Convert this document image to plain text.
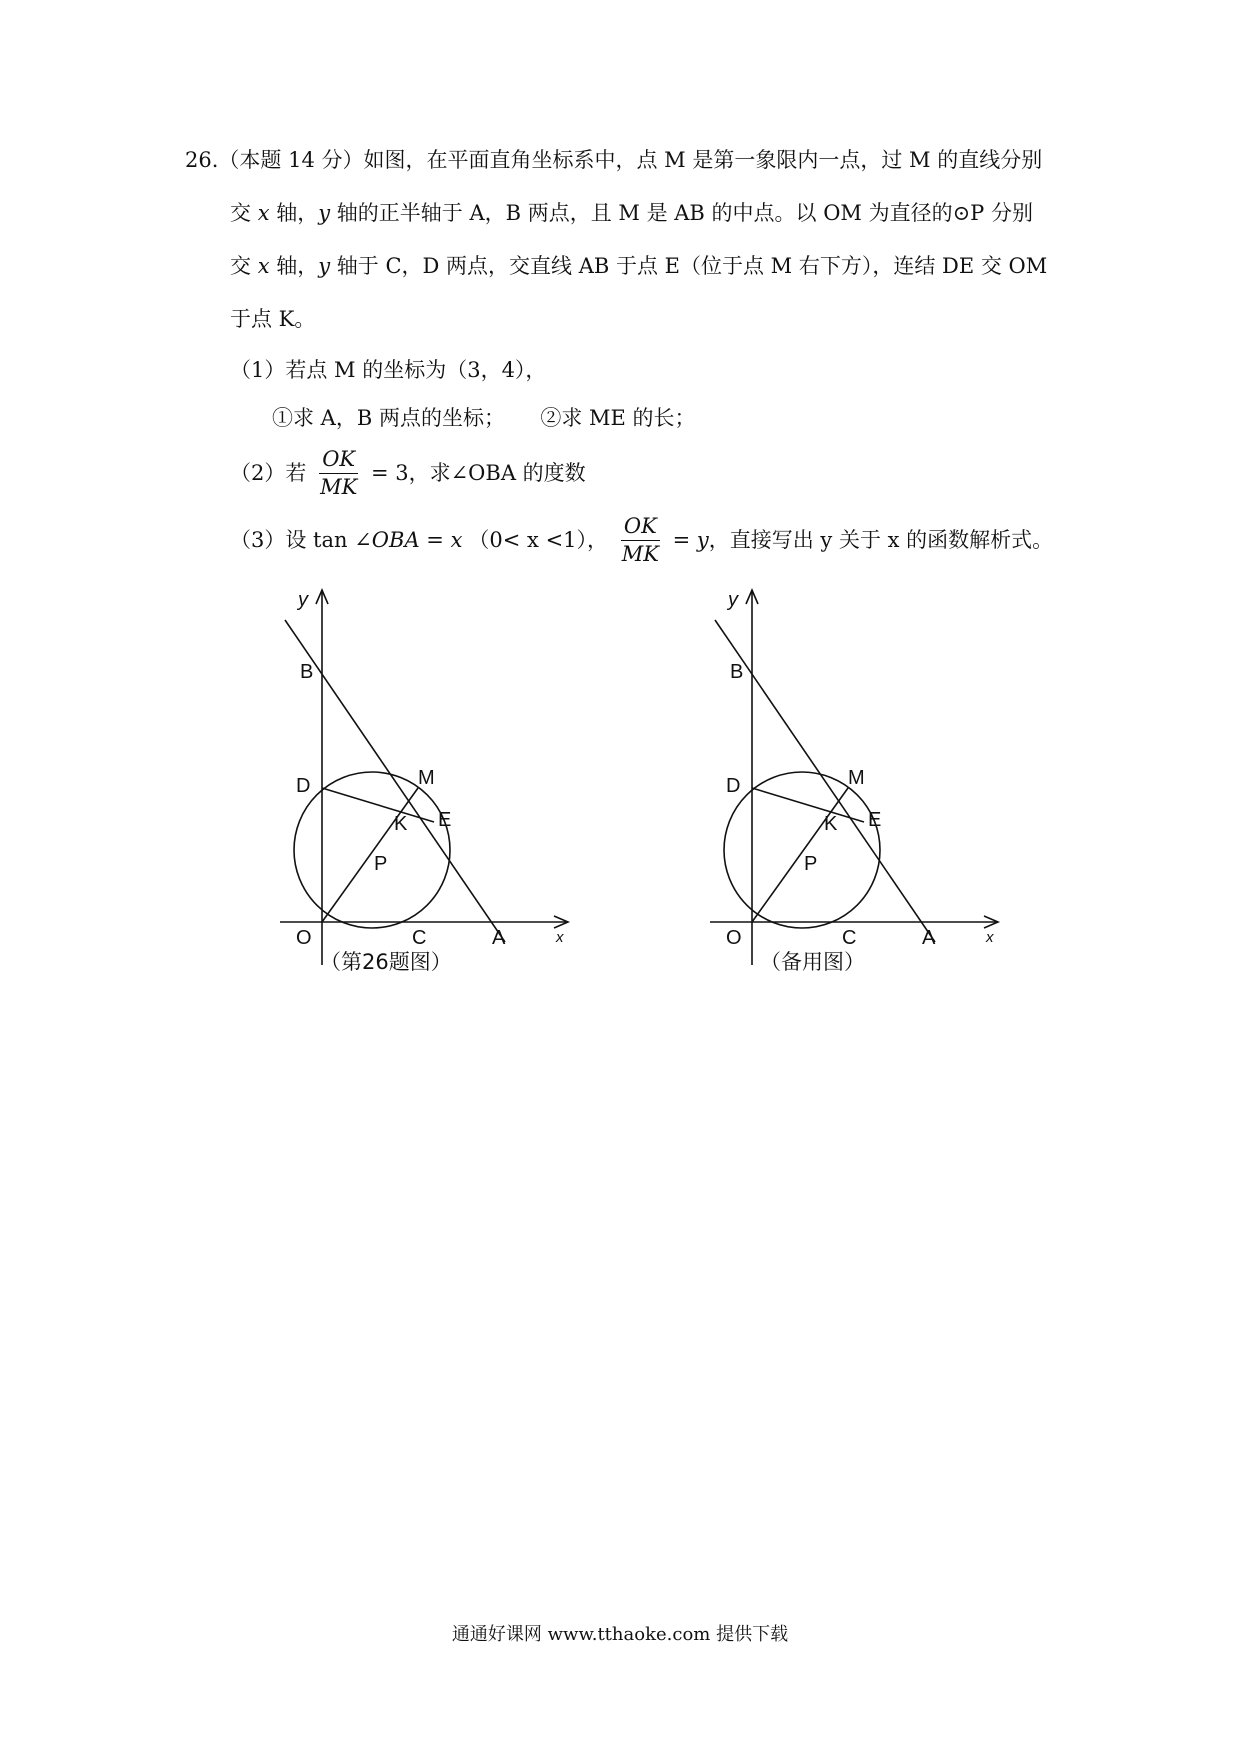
26.（本题 14 分）如图，在平面直角坐标系中，点 M 是第一象限内一点，过 M 的直线分别
交 x 轴，y 轴的正半轴于 A，B 两点，且 M 是 AB 的中点。以 OM 为直径的⊙P 分别
交 x 轴，y 轴于 C，D 两点，交直线 AB 于点 E（位于点 M 右下方），连结 DE 交 OM
于点 K。
（1）若点 M 的坐标为（3，4），
①求 A，B 两点的坐标； ②求 ME 的长；
（2）若 $\frac{OK}{MK} = 3$，求∠OBA 的度数
（3）设 tan ∠OBA = x （0< x <1）， $\frac{OK}{MK} = y$，直接写出 y 关于 x 的函数解析式。
y
B
D	M
K E
P
O	C	A	x
（第26题图）
y
B
D	M
K E
P
O	C	A	x
（备用图）
通通好课网 www.tthaoke.com 提供下载
